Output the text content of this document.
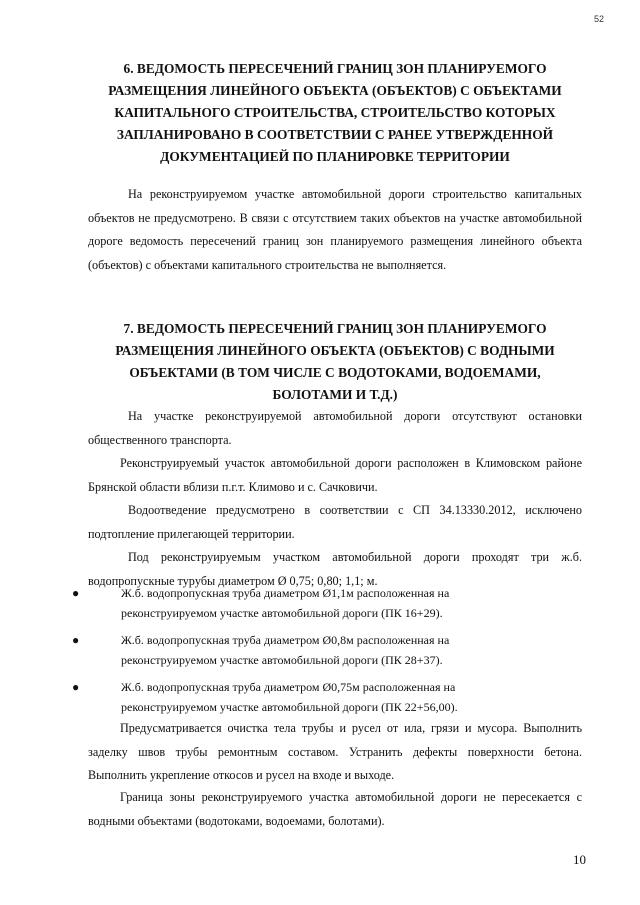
52
6. ВЕДОМОСТЬ ПЕРЕСЕЧЕНИЙ ГРАНИЦ ЗОН ПЛАНИРУЕМОГО РАЗМЕЩЕНИЯ ЛИНЕЙНОГО ОБЪЕКТА (ОБЪЕКТОВ) С ОБЪЕКТАМИ КАПИТАЛЬНОГО СТРОИТЕЛЬСТВА, СТРОИТЕЛЬСТВО КОТОРЫХ ЗАПЛАНИРОВАНО В СООТВЕТСТВИИ С РАНЕЕ УТВЕРЖДЕННОЙ ДОКУМЕНТАЦИЕЙ ПО ПЛАНИРОВКЕ ТЕРРИТОРИИ

На реконструируемом участке автомобильной дороги строительство капитальных объектов не предусмотрено. В связи с отсутствием таких объектов на участке автомобильной дороге ведомость пересечений границ зон планируемого размещения линейного объекта (объектов) с объектами капитального строительства не выполняется.

7. ВЕДОМОСТЬ ПЕРЕСЕЧЕНИЙ ГРАНИЦ ЗОН ПЛАНИРУЕМОГО РАЗМЕЩЕНИЯ ЛИНЕЙНОГО ОБЪЕКТА (ОБЪЕКТОВ) С ВОДНЫМИ ОБЪЕКТАМИ (В ТОМ ЧИСЛЕ С ВОДОТОКАМИ, ВОДОЕМАМИ, БОЛОТАМИ И Т.Д.)

На участке реконструируемой автомобильной дороги отсутствуют остановки общественного транспорта.

Реконструируемый участок автомобильной дороги расположен в Климовском районе Брянской области вблизи п.г.т. Климово и с. Сачковичи.

Водоотведение предусмотрено в соответствии с СП 34.13330.2012, исключено подтопление прилегающей территории.

Под реконструируемым участком автомобильной дороги проходят три ж.б. водопропускные туpубы диаметром Ø 0,75; 0,80; 1,1; м.

●	Ж.б. водопропускная труба диаметром Ø1,1м расположенная на
реконструируемом участке автомобильной дороги (ПК 16+29).
●	Ж.б. водопропускная труба диаметром Ø0,8м расположенная на
реконструируемом участке автомобильной дороги (ПК 28+37).
●	Ж.б. водопропускная труба диаметром Ø0,75м расположенная на
реконструируемом участке автомобильной дороги (ПК 22+56,00).

Предусматривается очистка тела трубы и русел от ила, грязи и мусора. Выполнить заделку швов трубы ремонтным составом. Устранить дефекты поверхности бетона. Выполнить укрепление откосов и русел на входе и выходе.

Граница зоны реконструируемого участка автомобильной дороги не пересекается с водными объектами (водотоками, водоемами, болотами).

10
